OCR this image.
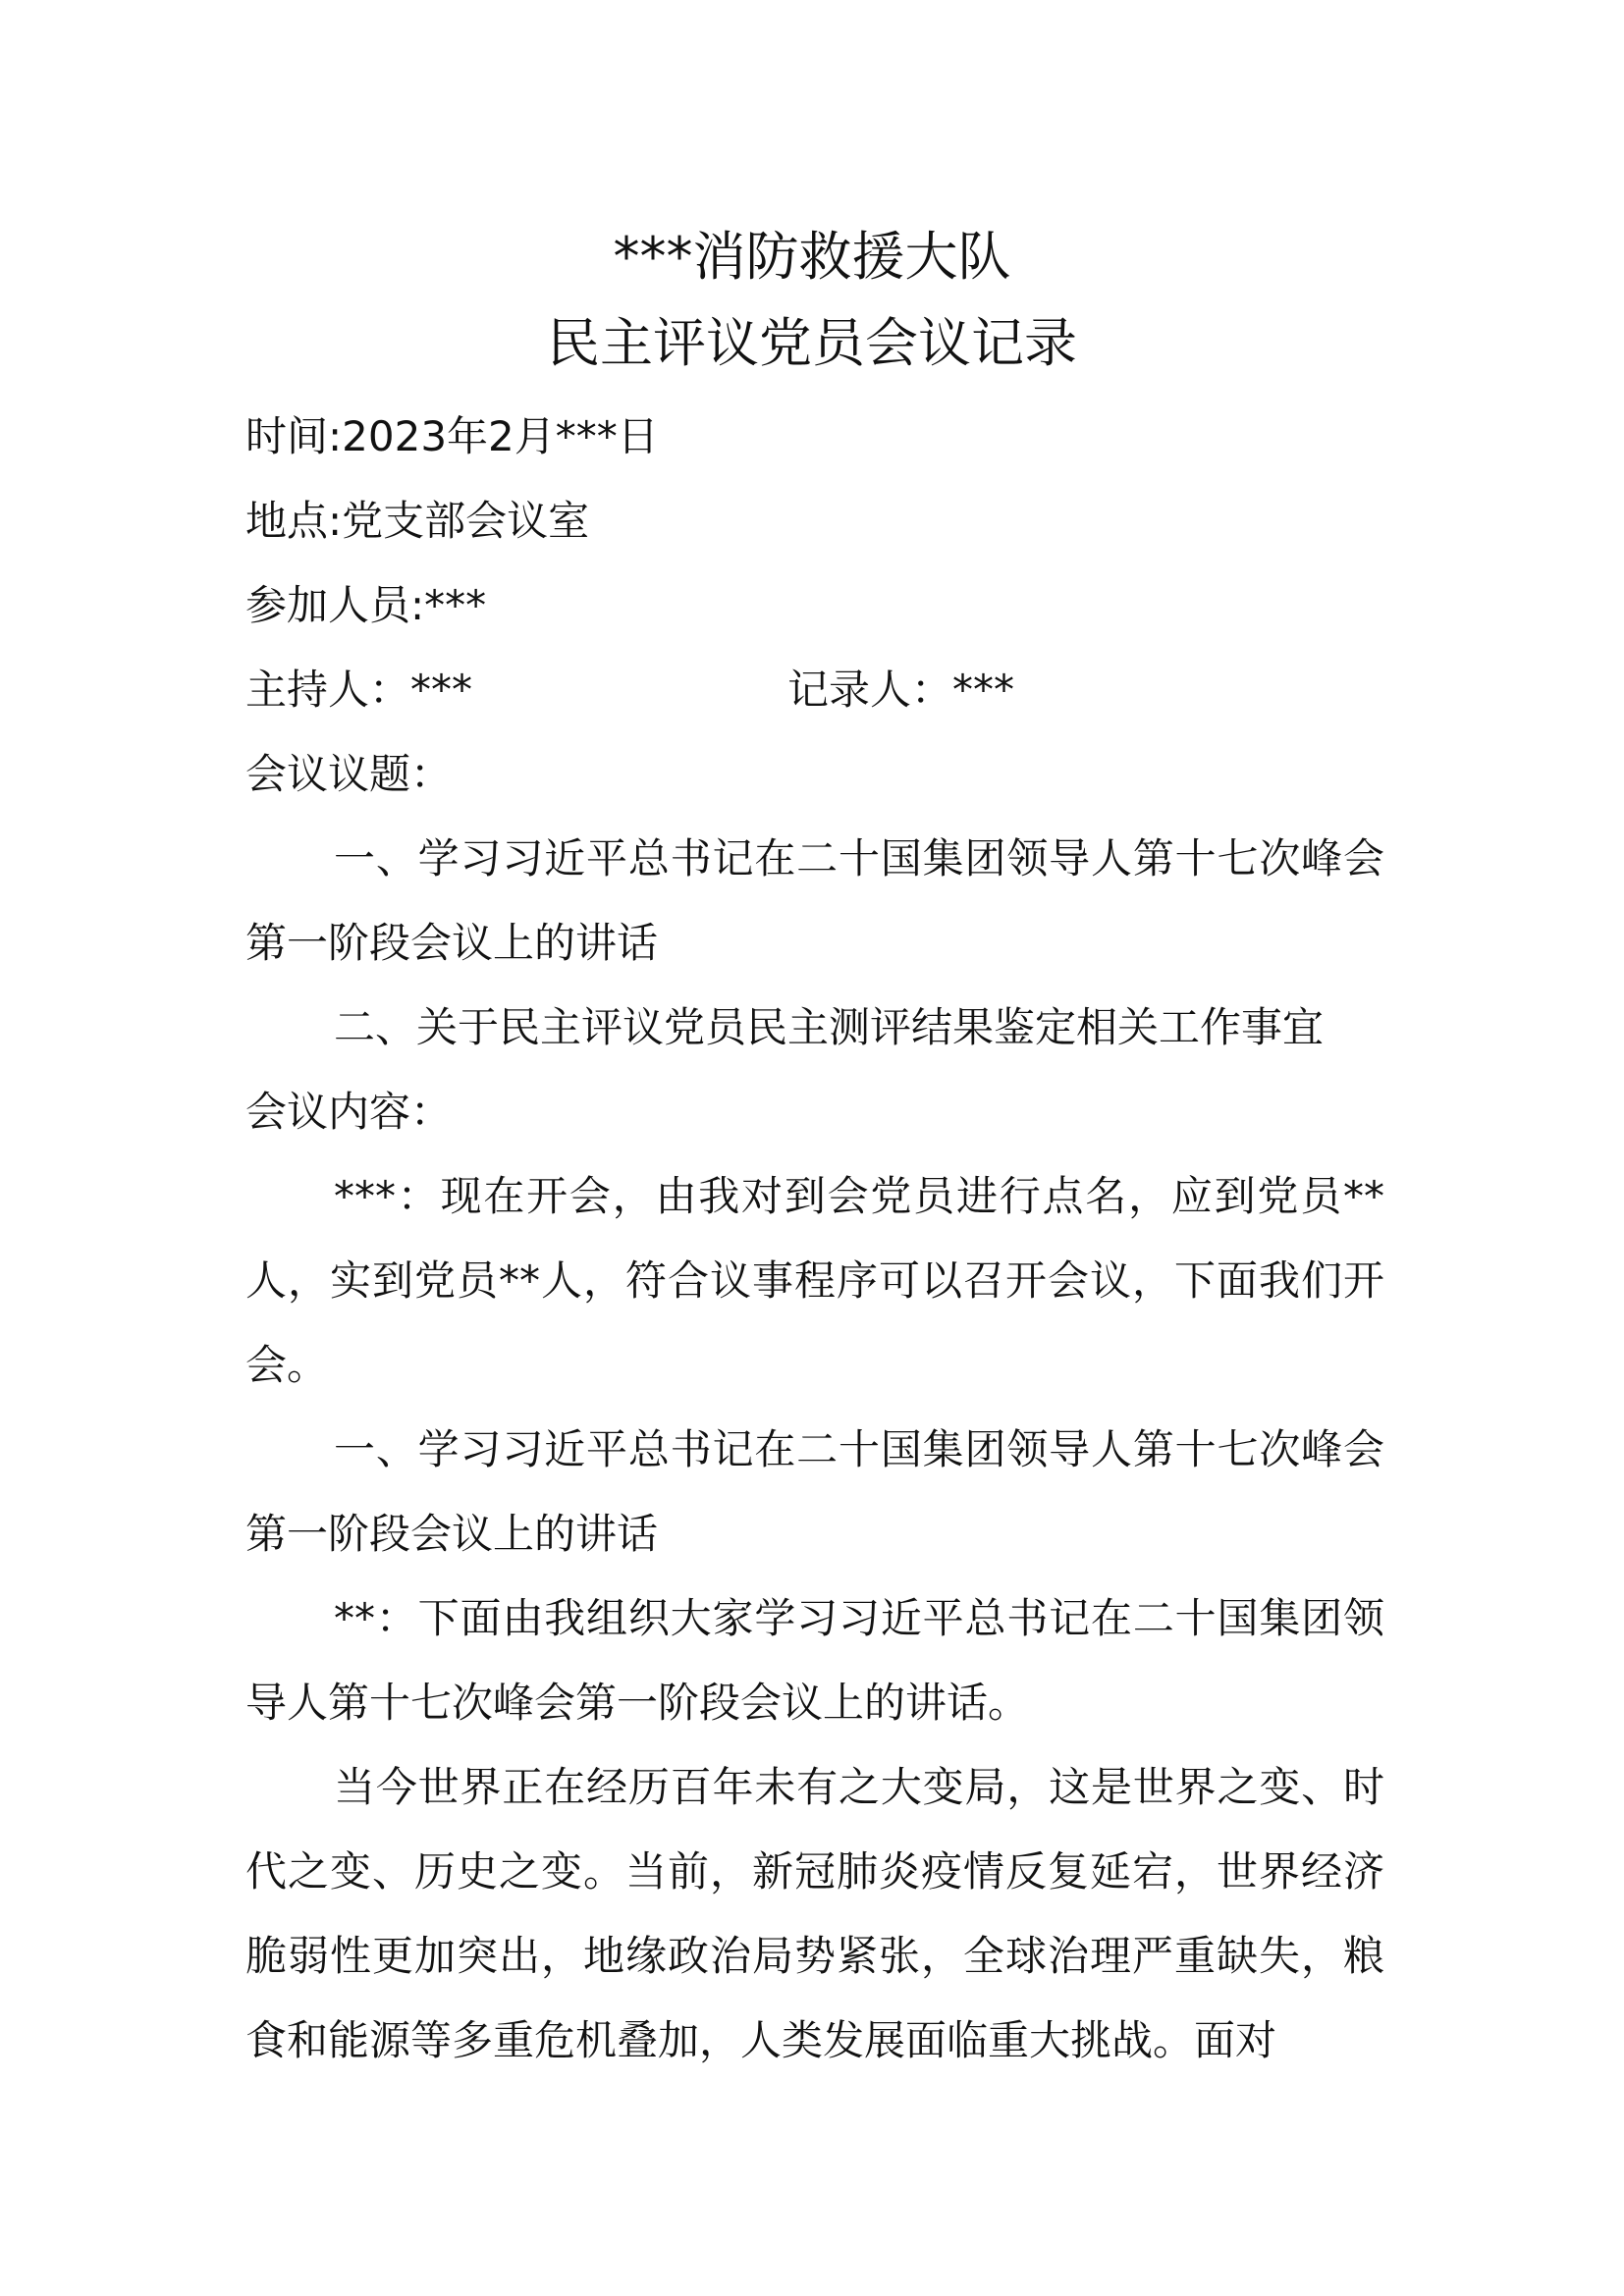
***消防救援大队
民主评议党员会议记录

时间:2023年2月***日

地点:党支部会议室

参加人员:***

主持人：***	记录人：***

会议议题：

一、学习习近平总书记在二十国集团领导人第十七次峰会第一阶段会议上的讲话

二、关于民主评议党员民主测评结果鉴定相关工作事宜

会议内容：

***：现在开会，由我对到会党员进行点名，应到党员**人，实到党员**人，符合议事程序可以召开会议，下面我们开会。

一、学习习近平总书记在二十国集团领导人第十七次峰会第一阶段会议上的讲话

**：下面由我组织大家学习习近平总书记在二十国集团领导人第十七次峰会第一阶段会议上的讲话。

当今世界正在经历百年未有之大变局，这是世界之变、时代之变、历史之变。当前，新冠肺炎疫情反复延宕，世界经济脆弱性更加突出，地缘政治局势紧张，全球治理严重缺失，粮食和能源等多重危机叠加，人类发展面临重大挑战。面对
